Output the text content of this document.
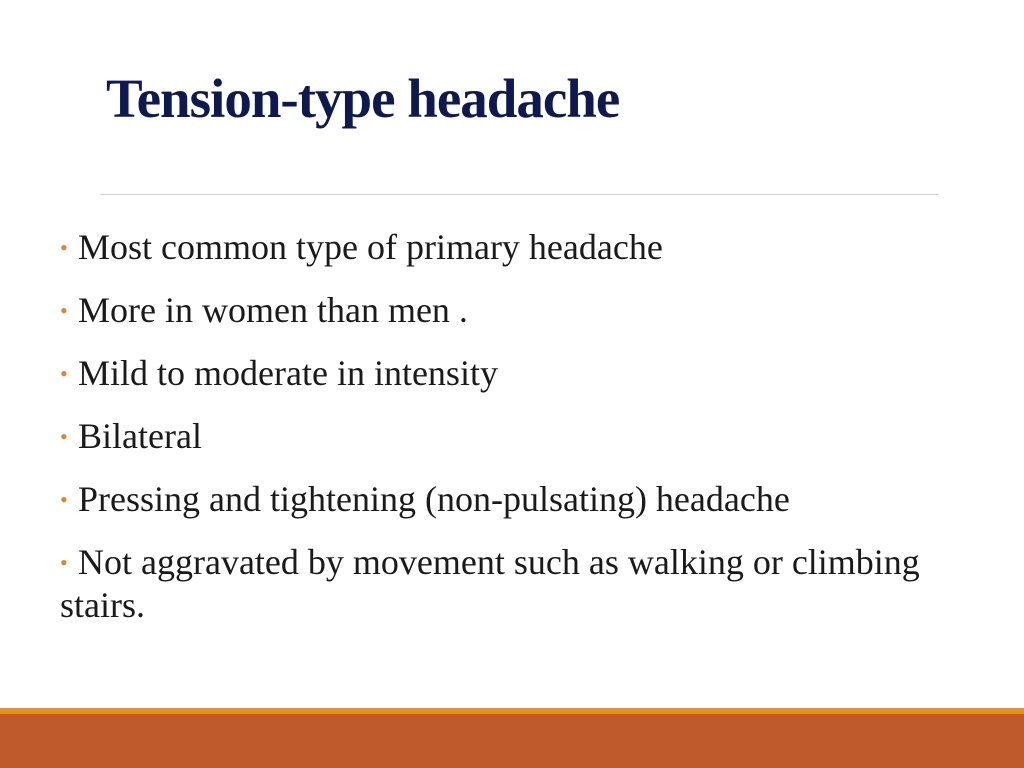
Tension-type headache
• Most common type of primary headache
• More in women than men .
• Mild to moderate in intensity
• Bilateral
• Pressing and tightening (non-pulsating) headache
• Not aggravated by movement such as walking or climbing stairs.
